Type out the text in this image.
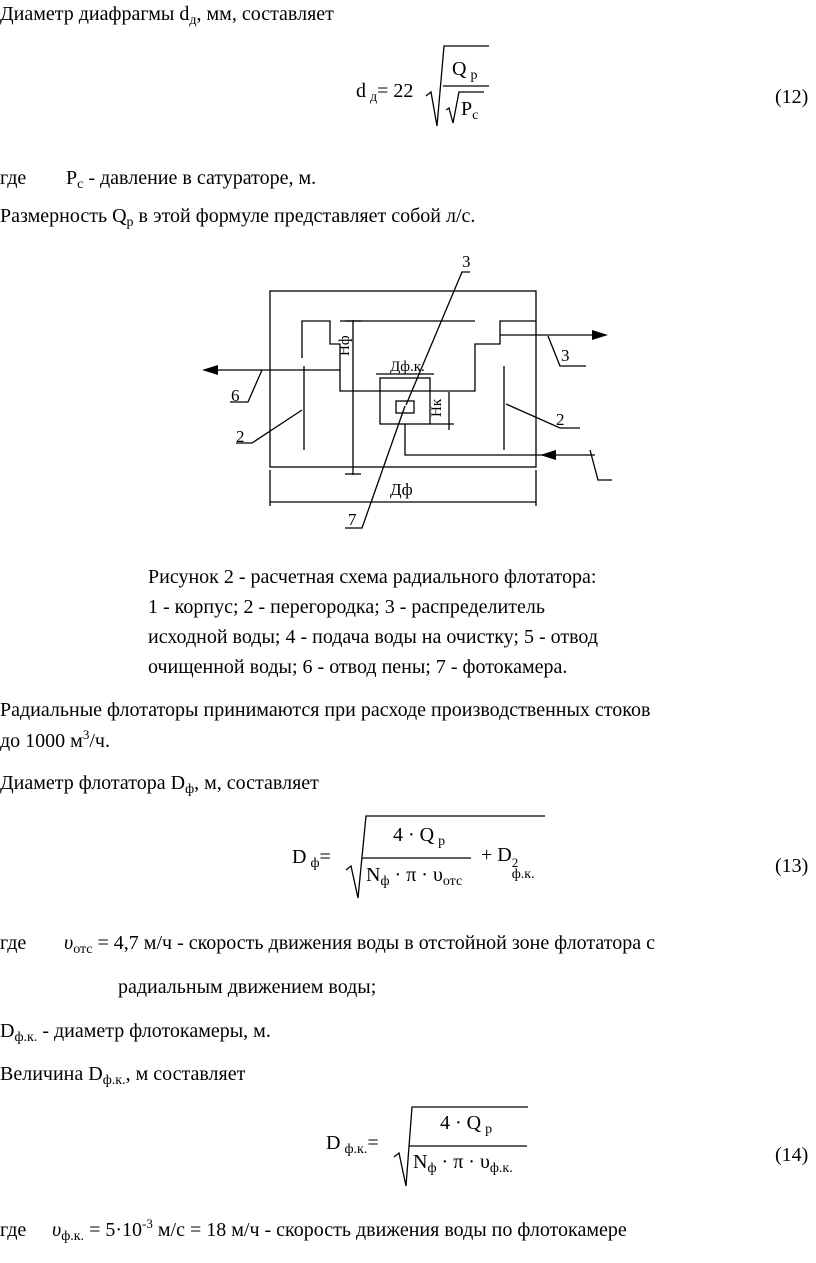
Диаметр диафрагмы $d_д$, мм, составляет
d $_д$= 22
Q $_р$
$P_с$
(12)
где $Р_с$ - давление в сатураторе, м.
Размерность $Q_р$ в этой формуле представляет собой л/с.
3
3
6
2
2
7
Нф
Дф.к.
Нк
Дф
Рисунок 2 - расчетная схема радиального флотатора:
1 - корпус; 2 - перегородка; 3 - распределитель
исходной воды; 4 - подача воды на очистку; 5 - отвод
очищенной воды; 6 - отвод пены; 7 - фотокамера.
Радиальные флотаторы принимаются при расходе производственных стоков
до 1000 $м^3/ч$.
Диаметр флотатора $D_ф$, м, составляет
D $_ф$=
4 · Q $_р$
$N_ф \cdot \pi \cdot \upsilon_{отс}$
+ D 2
ф.к.	(13)
где $\upsilon_{отс} = 4,7$ м/ч - скорость движения воды в отстойной зоне флотатора с
радиальным движением воды;
$D_{ф.к.}$ - диаметр флотокамеры, м.
Величина $D_{ф.к.}$, м составляет
D $_{ф.к.}$=
4 · Q $_р$
$N_ф \cdot \pi \cdot \upsilon_{ф.к.}$
(14)
где $\upsilon_{ф.к.} = 5\cdot 10^{-3}$ м/с = 18 м/ч - скорость движения воды по флотокамере
